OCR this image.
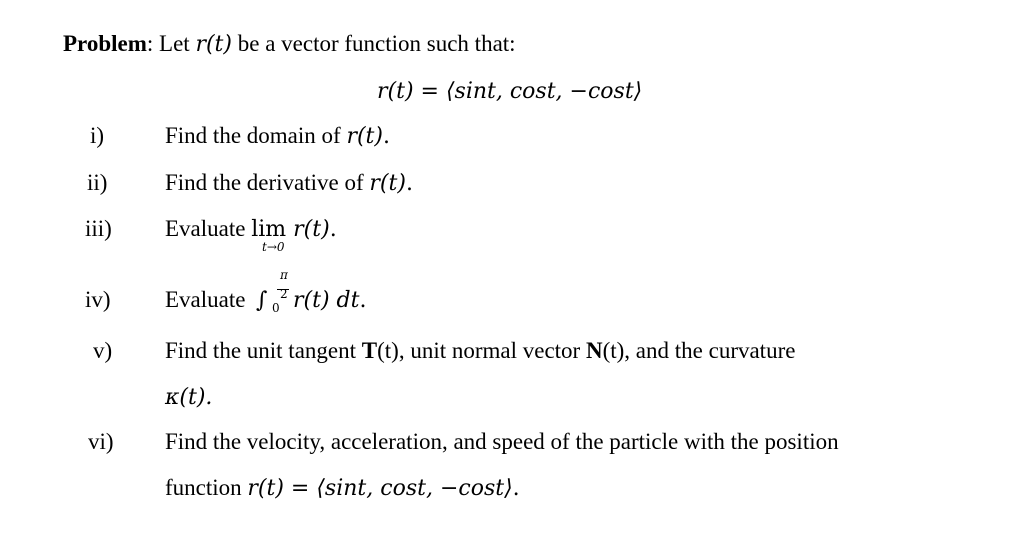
Problem: Let r(t) be a vector function such that:
r(t) = ⟨sint, cost, −cost⟩
i)	Find the domain of r(t).
ii)	Find the derivative of r(t).
iii) Evaluate lim r(t).
t→0
iv) Evaluate ∫
π
2
0 r(t) dt.
v) Find the unit tangent T(t), unit normal vector N(t), and the curvature
κ(t).
vi) Find the velocity, acceleration, and speed of the particle with the position
function r(t) = ⟨sint, cost, −cost⟩.
